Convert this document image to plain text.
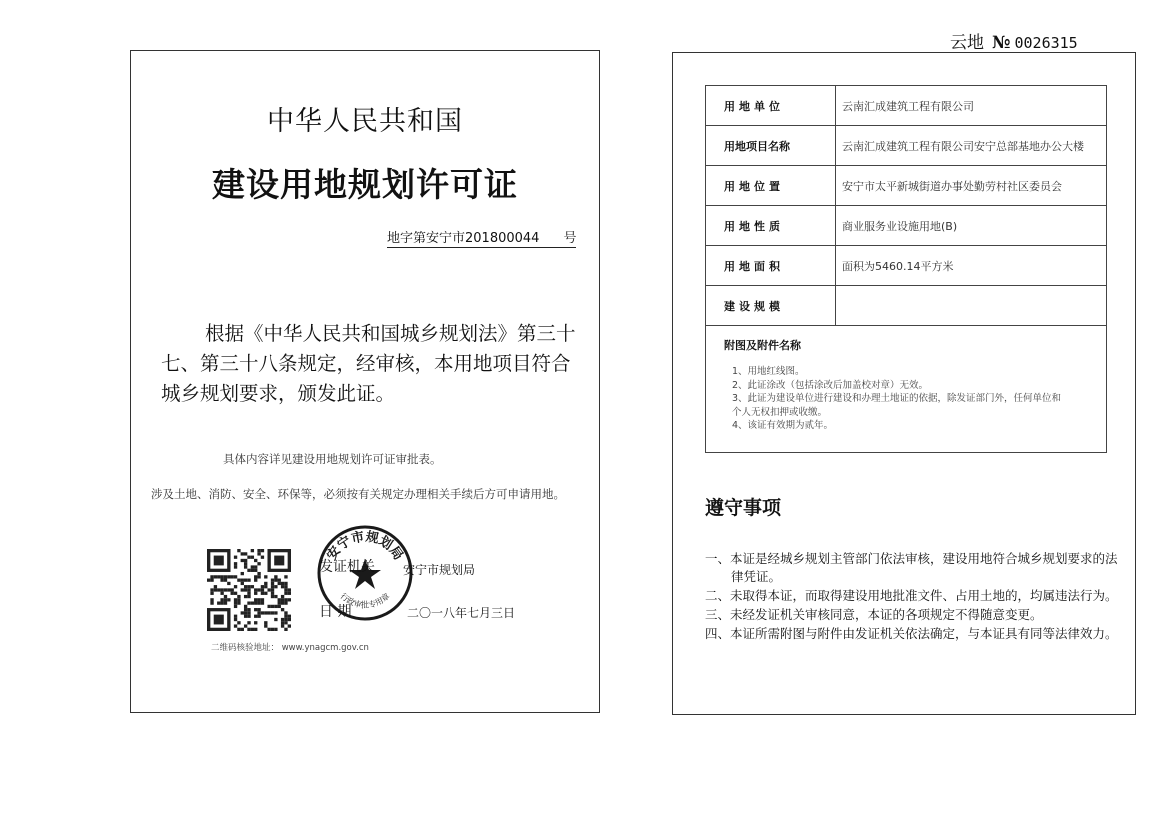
云地 № 0026315
中华人民共和国
建设用地规划许可证
地字第安宁市201800044 号
根据《中华人民共和国城乡规划法》第三十七、第三十八条规定，经审核，本用地项目符合城乡规划要求，颁发此证。
具体内容详见建设用地规划许可证审批表。
涉及土地、消防、安全、环保等，必须按有关规定办理相关手续后方可申请用地。
二维码核验地址： www.ynagcm.gov.cn
安宁市规划局
行政审批专用章
发证机关 安宁市规划局
日 期	二〇一八年七月三日
用地单位	云南汇成建筑工程有限公司
用地项目名称	云南汇成建筑工程有限公司安宁总部基地办公大楼
用地位置	安宁市太平新城街道办事处勤劳村社区委员会
用地性质	商业服务业设施用地(B)
用地面积	面积为5460.14平方米
建设规模	
附图及附件名称
1、用地红线图。
2、此证涂改（包括涂改后加盖校对章）无效。
3、此证为建设单位进行建设和办理土地证的依据，除发证部门外，任何单位和
个人无权扣押或收缴。
4、该证有效期为贰年。
遵守事项
一、本证是经城乡规划主管部门依法审核，建设用地符合城乡规划要求的法律凭证。
二、未取得本证，而取得建设用地批准文件、占用土地的，均属违法行为。
三、未经发证机关审核同意，本证的各项规定不得随意变更。
四、本证所需附图与附件由发证机关依法确定，与本证具有同等法律效力。
